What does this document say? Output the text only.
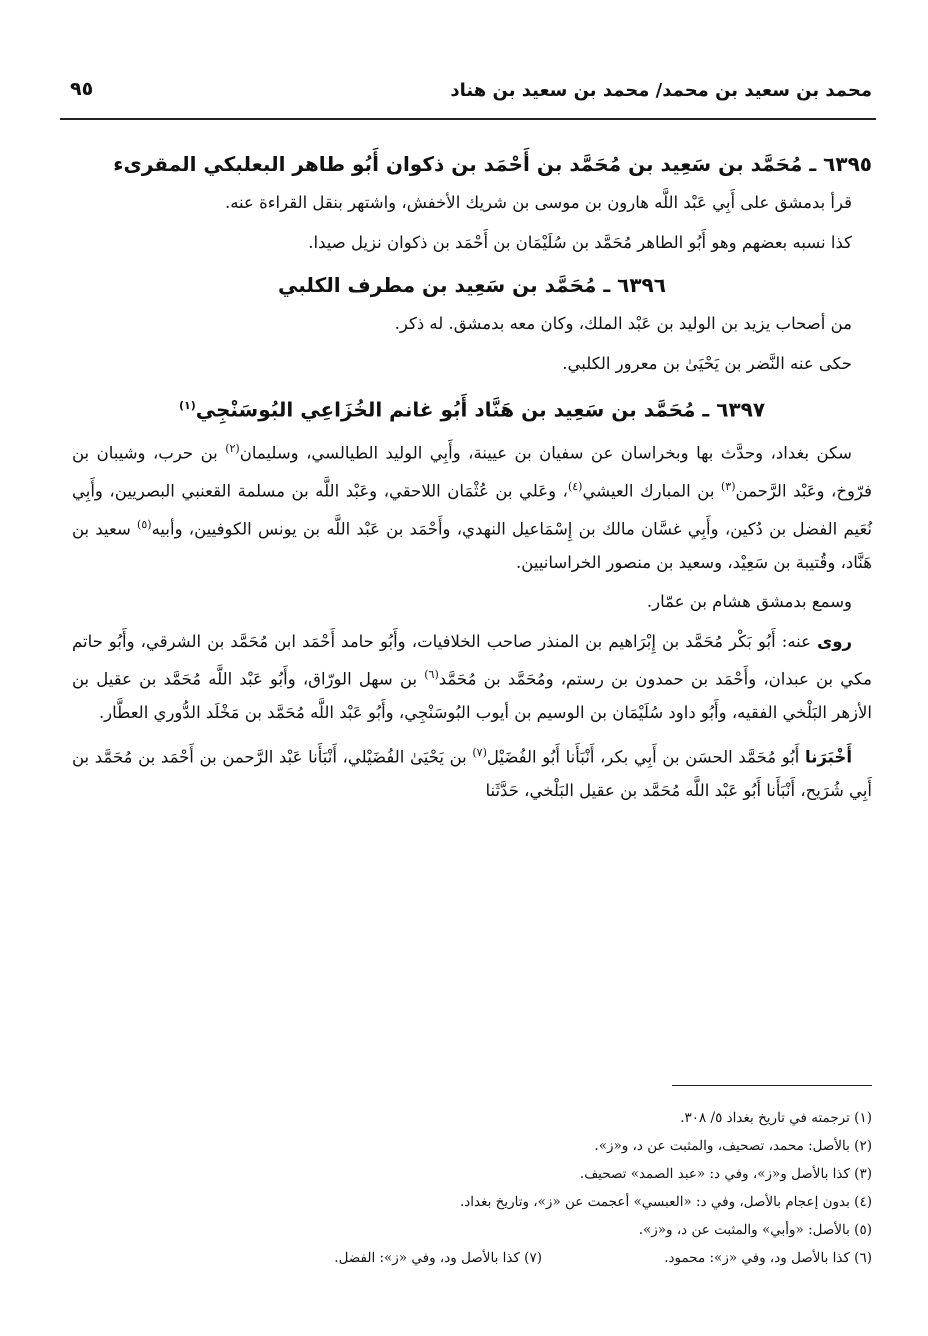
محمد بن سعيد بن محمد/ محمد بن سعيد بن هناد
٩٥
٦٣٩٥ ـ مُحَمَّد بن سَعِيد بن مُحَمَّد بن أَحْمَد بن ذكوان أَبُو طاهر البعلبكي المقرىء

قرأ بدمشق على أَبِي عَبْد اللَّه هارون بن موسى بن شريك الأخفش، واشتهر بنقل القراءة عنه.

كذا نسبه بعضهم وهو أَبُو الطاهر مُحَمَّد بن سُلَيْمَان بن أَحْمَد بن ذكوان نزيل صيدا.

٦٣٩٦ ـ مُحَمَّد بن سَعِيد بن مطرف الكلبي

من أصحاب يزيد بن الوليد بن عَبْد الملك، وكان معه بدمشق. له ذكر.

حكى عنه النَّضر بن يَحْيَىٰ بن معرور الكلبي.

٦٣٩٧ ـ مُحَمَّد بن سَعِيد بن هَنَّاد أَبُو غانم الخُزَاعِي البُوسَنْجِي$^{(١)}$

سكن بغداد، وحدَّث بها وبخراسان عن سفيان بن عيينة، وأَبِي الوليد الطيالسي، وسليمان$^{(٢)}$ بن حرب، وشيبان بن فرّوخ، وعَبْد الرَّحمن$^{(٣)}$ بن المبارك العيشي$^{(٤)}$، وعَلي بن عُثْمَان اللاحقي، وعَبْد اللَّه بن مسلمة القعنبي البصريين، وأَبِي نُعَيم الفضل بن دُكين، وأَبِي غسَّان مالك بن إِسْمَاعيل النهدي، وأَحْمَد بن عَبْد اللَّه بن يونس الكوفيين، وأبيه$^{(٥)}$ سعيد بن هَنَّاد، وقُتيبة بن سَعِيْد، وسعيد بن منصور الخراسانيين.

وسمع بدمشق هشام بن عمّار.

روى عنه: أَبُو بَكْر مُحَمَّد بن إِبْرَاهيم بن المنذر صاحب الخلافيات، وأَبُو حامد أَحْمَد ابن مُحَمَّد بن الشرقي، وأَبُو حاتم مكي بن عبدان، وأَحْمَد بن حمدون بن رستم، ومُحَمَّد بن مُحَمَّد$^{(٦)}$ بن سهل الورّاق، وأَبُو عَبْد اللَّه مُحَمَّد بن عقيل بن الأزهر البَلْخي الفقيه، وأَبُو داود سُلَيْمَان بن الوسيم بن أيوب البُوسَنْجِي، وأَبُو عَبْد اللَّه مُحَمَّد بن مَخْلَد الدُّوري العطَّار.

أَخْبَرَنا أَبُو مُحَمَّد الحسَن بن أَبِي بكر، أَنْبَأَنا أَبُو الفُضَيْل$^{(٧)}$ بن يَحْيَىٰ الفُضَيْلي، أَنْبَأَنا عَبْد الرَّحمن بن أَحْمَد بن مُحَمَّد بن أَبِي شُرَيح، أَنْبَأَنا أَبُو عَبْد اللَّه مُحَمَّد بن عقيل البَلْخي، حَدَّثَنا

(١) ترجمته في تاريخ بغداد ٥/ ٣٠٨.
(٢) بالأصل: محمد، تصحيف، والمثبت عن د، و«ز».
(٣) كذا بالأصل و«ز»، وفي د: «عبد الصمد» تصحيف.
(٤) بدون إعجام بالأصل، وفي د: «العبسي» أعجمت عن «ز»، وتاريخ بغداد.
(٥) بالأصل: «وأبي» والمثبت عن د، و«ز».
(٦) كذا بالأصل ود، وفي «ز»: محمود.
(٧) كذا بالأصل ود، وفي «ز»: الفضل.
